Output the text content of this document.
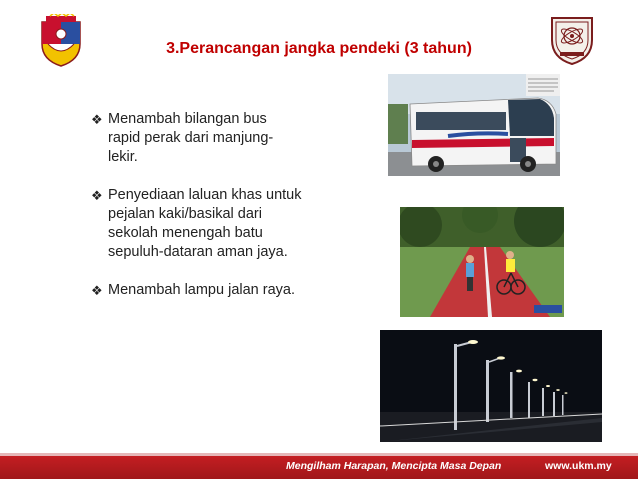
3.Perancangan jangka pendeki (3 tahun)
❖ Menambah bilangan bus rapid perak dari manjung-lekir.
❖ Penyediaan laluan khas untuk pejalan kaki/basikal dari sekolah menengah batu sepuluh-dataran aman jaya.
❖ Menambah lampu jalan raya.
Mengilham Harapan, Mencipta Masa Depan	www.ukm.my
